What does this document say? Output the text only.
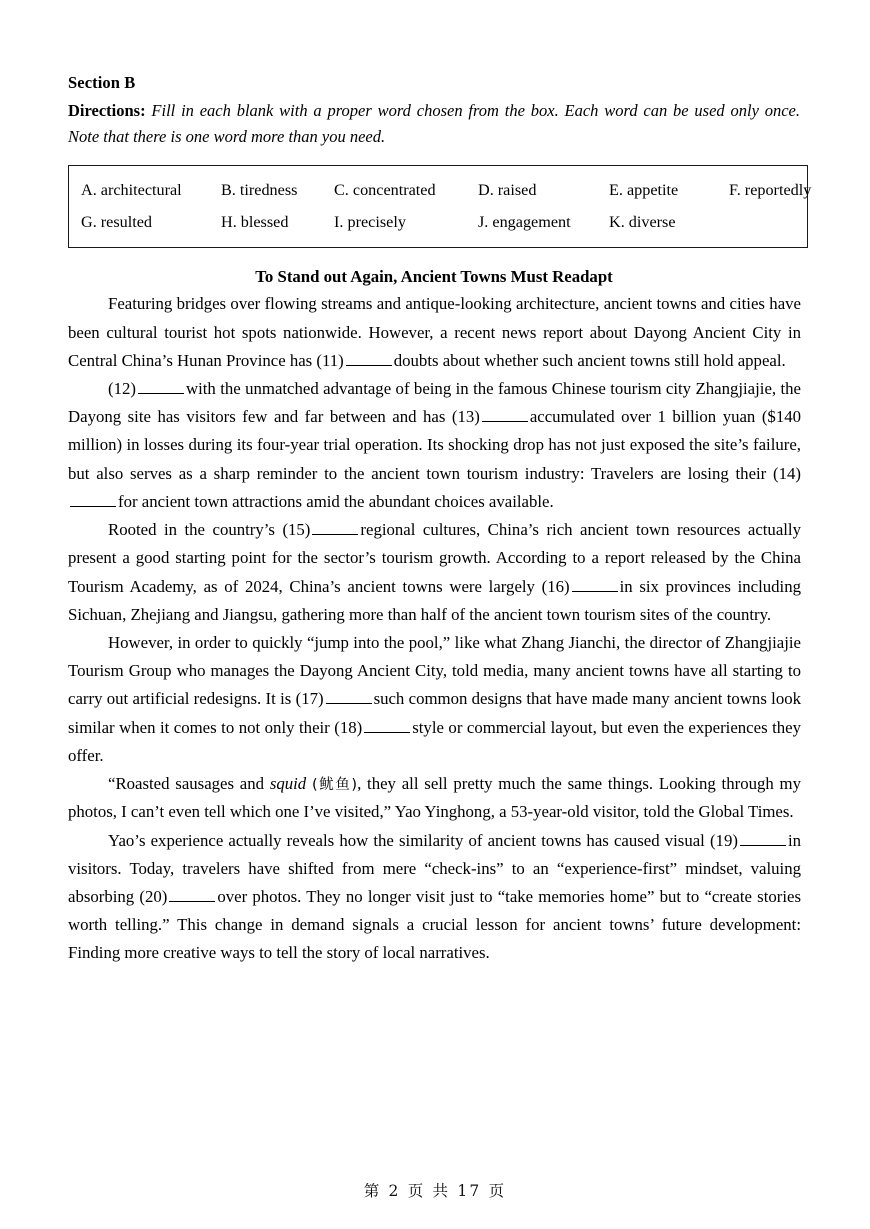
Section B
Directions: Fill in each blank with a proper word chosen from the box. Each word can be used only once. Note that there is one word more than you need.
A. architectural	B. tiredness	C. concentrated	D. raised	E. appetite	F. reportedly
G. resulted	H. blessed	I. precisely	J. engagement	K. diverse
To Stand out Again, Ancient Towns Must Readapt

Featuring bridges over flowing streams and antique-looking architecture, ancient towns and cities have been cultural tourist hot spots nationwide. However, a recent news report about Dayong Ancient City in Central China’s Hunan Province has (11)	doubts about whether such ancient towns still hold appeal.

(12)	with the unmatched advantage of being in the famous Chinese tourism city Zhangjiajie, the Dayong site has visitors few and far between and has (13)	accumulated over 1 billion yuan ($140 million) in losses during its four-year trial operation. Its shocking drop has not just exposed the site’s failure, but also serves as a sharp reminder to the ancient town tourism industry: Travelers are losing their (14)for ancient town attractions amid the abundant choices available.

Rooted in the country’s (15)	regional cultures, China’s rich ancient town resources actually present a good starting point for the sector’s tourism growth. According to a report released by the China Tourism Academy, as of 2024, China’s ancient towns were largely (16)	in six provinces including Sichuan, Zhejiang and Jiangsu, gathering more than half of the ancient town tourism sites of the country.

However, in order to quickly “jump into the pool,” like what Zhang Jianchi, the director of Zhangjiajie Tourism Group who manages the Dayong Ancient City, told media, many ancient towns have all starting to carry out artificial redesigns. It is (17)	such common designs that have made many ancient towns look similar when it comes to not only their (18)	style or commercial layout, but even the experiences they offer.

“Roasted sausages and squid (鱿鱼), they all sell pretty much the same things. Looking through my photos, I can’t even tell which one I’ve visited,” Yao Yinghong, a 53-year-old visitor, told the Global Times.

Yao’s experience actually reveals how the similarity of ancient towns has caused visual (19)	in visitors. Today, travelers have shifted from mere “check-ins” to an “experience-first” mindset, valuing absorbing (20)	over photos. They no longer visit just to “take memories home” but to “create stories worth telling.” This change in demand signals a crucial lesson for ancient towns’ future development: Finding more creative ways to tell the story of local narratives.

第 2 页 共 17 页
